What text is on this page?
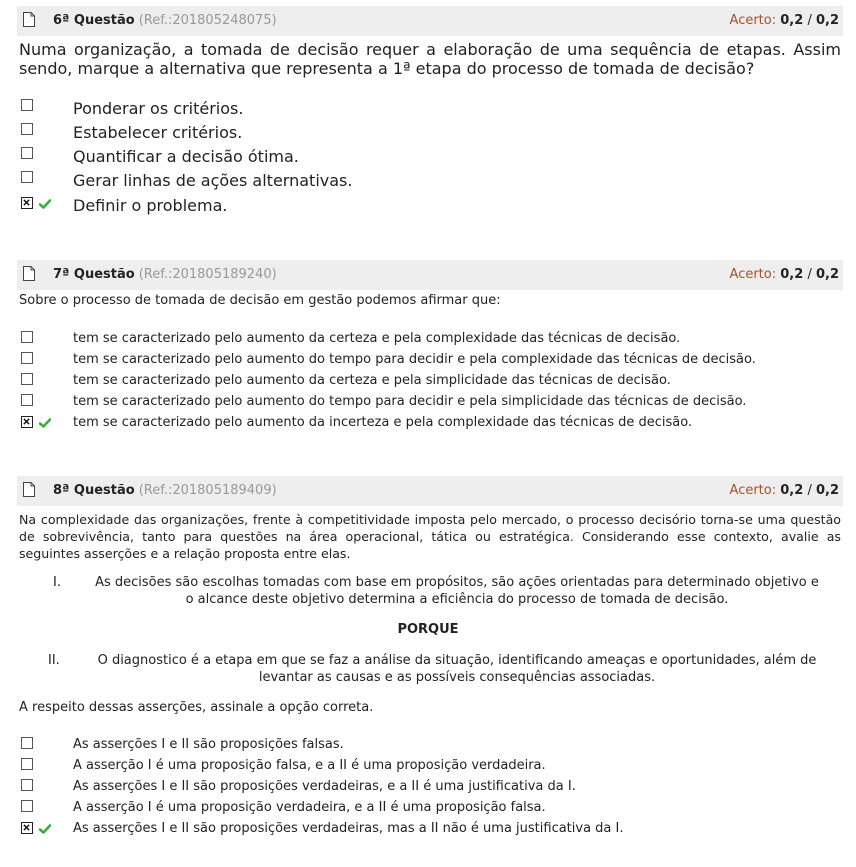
6ª Questão (Ref.:201805248075)	Acerto: 0,2 / 0,2
Numa organização, a tomada de decisão requer a elaboração de uma sequência de etapas. Assim sendo, marque a alternativa que representa a 1ª etapa do processo de tomada de decisão?
Ponderar os critérios.
Estabelecer critérios.
Quantificar a decisão ótima.
Gerar linhas de ações alternativas.
Definir o problema.
7ª Questão (Ref.:201805189240)	Acerto: 0,2 / 0,2
Sobre o processo de tomada de decisão em gestão podemos afirmar que:
tem se caracterizado pelo aumento da certeza e pela complexidade das técnicas de decisão.
tem se caracterizado pelo aumento do tempo para decidir e pela complexidade das técnicas de decisão.
tem se caracterizado pelo aumento da certeza e pela simplicidade das técnicas de decisão.
tem se caracterizado pelo aumento do tempo para decidir e pela simplicidade das técnicas de decisão.
tem se caracterizado pelo aumento da incerteza e pela complexidade das técnicas de decisão.
8ª Questão (Ref.:201805189409)	Acerto: 0,2 / 0,2
Na complexidade das organizações, frente à competitividade imposta pelo mercado, o processo decisório torna-se uma questão de sobrevivência, tanto para questões na área operacional, tática ou estratégica. Considerando esse contexto, avalie as seguintes asserções e a relação proposta entre elas.
I.	As decisões são escolhas tomadas com base em propósitos, são ações orientadas para determinado objetivo e
o alcance deste objetivo determina a eficiência do processo de tomada de decisão.
PORQUE
II.	O diagnostico é a etapa em que se faz a análise da situação, identificando ameaças e oportunidades, além de
levantar as causas e as possíveis consequências associadas.
A respeito dessas asserções, assinale a opção correta.
As asserções I e II são proposições falsas.
A asserção I é uma proposição falsa, e a II é uma proposição verdadeira.
As asserções I e II são proposições verdadeiras, e a II é uma justificativa da I.
A asserção I é uma proposição verdadeira, e a II é uma proposição falsa.
As asserções I e II são proposições verdadeiras, mas a II não é uma justificativa da I.
